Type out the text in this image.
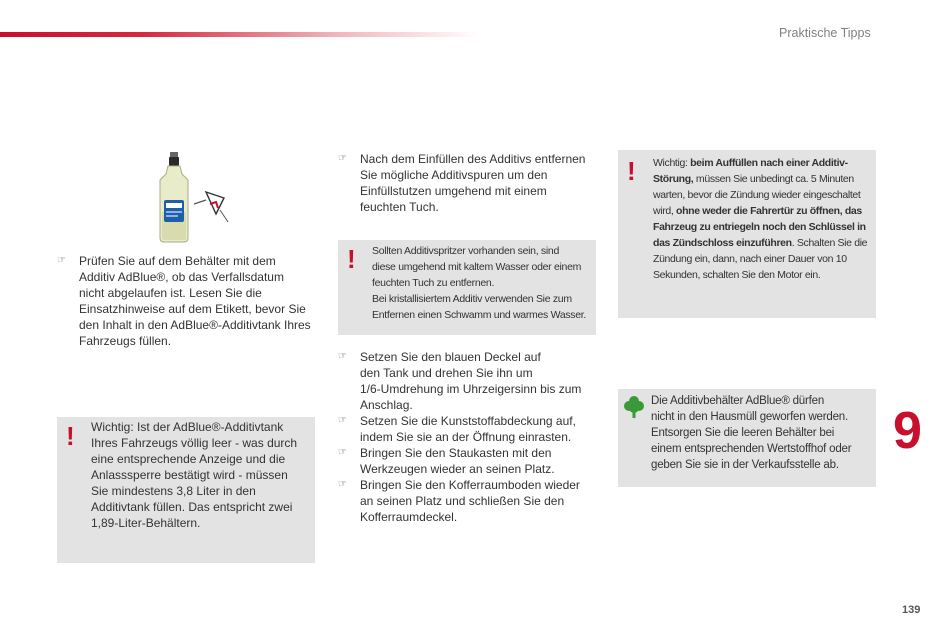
Praktische Tipps
☞ Prüfen Sie auf dem Behälter mit dem
Additiv AdBlue®, ob das Verfallsdatum
nicht abgelaufen ist. Lesen Sie die
Einsatzhinweise auf dem Etikett, bevor Sie
den Inhalt in den AdBlue®-Additivtank Ihres
Fahrzeugs füllen.
! Wichtig: Ist der AdBlue®-Additivtank
Ihres Fahrzeugs völlig leer - was durch
eine entsprechende Anzeige und die
Anlasssperre bestätigt wird - müssen
Sie mindestens 3,8 Liter in den
Additivtank füllen. Das entspricht zwei
1,89-Liter-Behältern.
☞ Nach dem Einfüllen des Additivs entfernen
Sie mögliche Additivspuren um den
Einfüllstutzen umgehend mit einem
feuchten Tuch.
! Sollten Additivspritzer vorhanden sein, sind
diese umgehend mit kaltem Wasser oder einem
feuchten Tuch zu entfernen.
Bei kristallisiertem Additiv verwenden Sie zum
Entfernen einen Schwamm und warmes Wasser.
☞ Setzen Sie den blauen Deckel auf
den Tank und drehen Sie ihn um
1/6-Umdrehung im Uhrzeigersinn bis zum
Anschlag.
☞ Setzen Sie die Kunststoffabdeckung auf,
indem Sie sie an der Öffnung einrasten.
☞ Bringen Sie den Staukasten mit den
Werkzeugen wieder an seinen Platz.
☞ Bringen Sie den Kofferraumboden wieder
an seinen Platz und schließen Sie den
Kofferraumdeckel.
! Wichtig: beim Auffüllen nach einer Additiv-Störung, müssen Sie unbedingt ca. 5 Minuten warten, bevor die Zündung wieder eingeschaltet wird, ohne weder die Fahrertür zu öffnen, das Fahrzeug zu entriegeln noch den Schlüssel in das Zündschloss einzuführen. Schalten Sie die Zündung ein, dann, nach einer Dauer von 10 Sekunden, schalten Sie den Motor ein.
Die Additivbehälter AdBlue® dürfen
nicht in den Hausmüll geworfen werden.
Entsorgen Sie die leeren Behälter bei
einem entsprechenden Wertstoffhof oder
geben Sie sie in der Verkaufsstelle ab.
9
139
